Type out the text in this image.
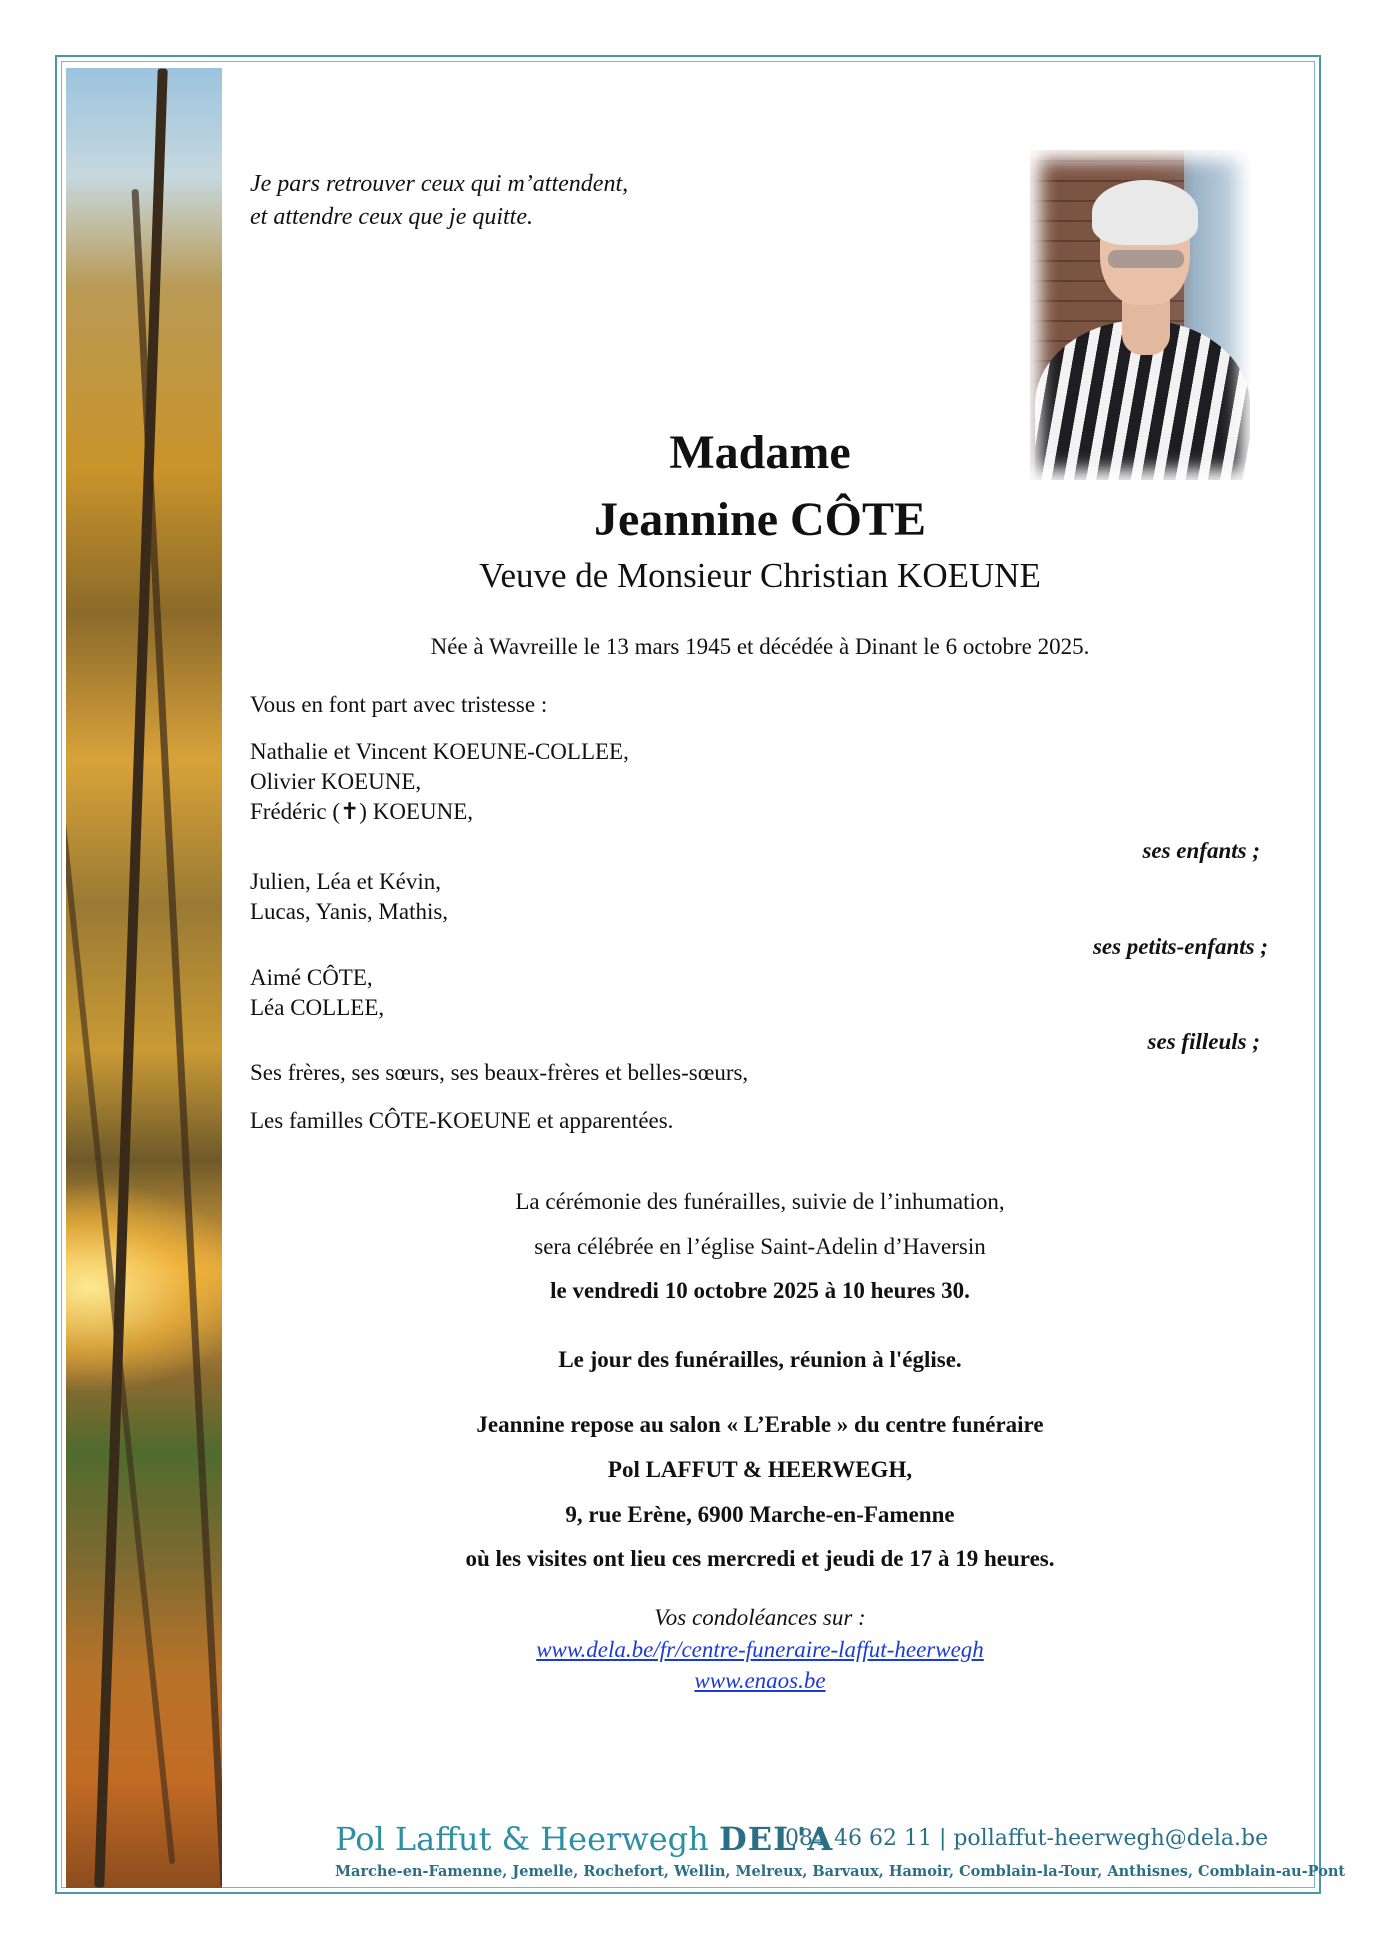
Je pars retrouver ceux qui m’attendent,
et attendre ceux que je quitte.

Madame

Jeannine CÔTE

Veuve de Monsieur Christian KOEUNE

Née à Wavreille le 13 mars 1945 et décédée à Dinant le 6 octobre 2025.

Vous en font part avec tristesse :

Nathalie et Vincent KOEUNE-COLLEE,
Olivier KOEUNE,
Frédéric (✝) KOEUNE,

ses enfants ;

Julien, Léa et Kévin,
Lucas, Yanis, Mathis,

ses petits-enfants ;

Aimé CÔTE,
Léa COLLEE,

ses filleuls ;

Ses frères, ses sœurs, ses beaux-frères et belles-sœurs,

Les familles CÔTE-KOEUNE et apparentées.

La cérémonie des funérailles, suivie de l’inhumation,

sera célébrée en l’église Saint-Adelin d’Haversin

le vendredi 10 octobre 2025 à 10 heures 30.

Le jour des funérailles, réunion à l'église.

Jeannine repose au salon « L’Erable » du centre funéraire

Pol LAFFUT & HEERWEGH,

9, rue Erène, 6900 Marche-en-Famenne

où les visites ont lieu ces mercredi et jeudi de 17 à 19 heures.

Vos condoléances sur :

www.dela.be/fr/centre-funeraire-laffut-heerwegh

www.enaos.be

Pol Laffut & Heerwegh DEL'A

084 46 62 11 | pollaffut-heerwegh@dela.be

Marche-en-Famenne, Jemelle, Rochefort, Wellin, Melreux, Barvaux, Hamoir, Comblain-la-Tour, Anthisnes, Comblain-au-Pont
